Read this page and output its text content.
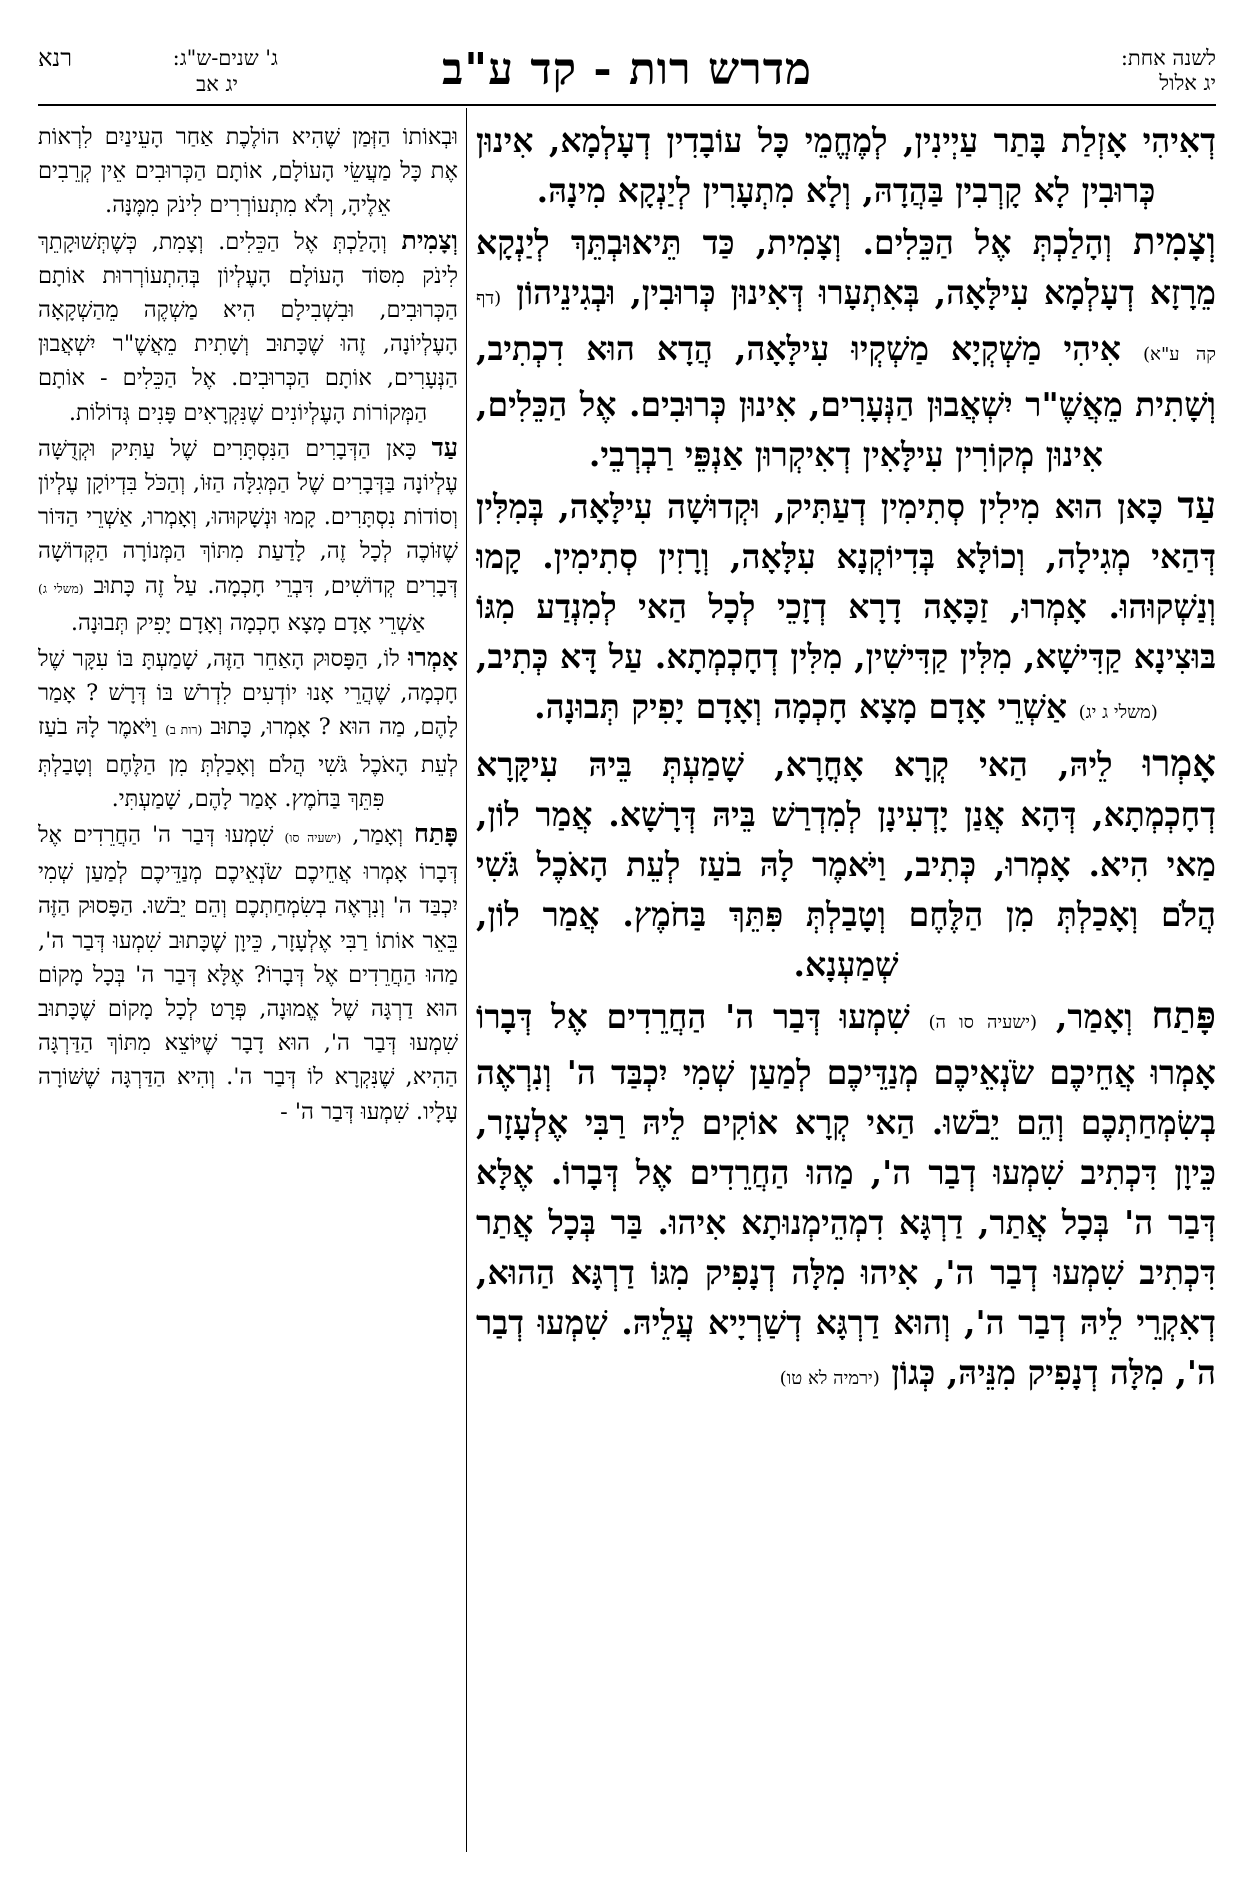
לשנה אחת:
יג אלול
מדרש רות - קד ע"ב
רנא	ג' שנים-ש"ג:
יג אב

דְאִיהִי אָזְלַת בָּתַר עַיְינִין, לְמֶחֱמֵי כָּל עוֹבָדִין דְעָלְמָא, אִינוּן כְּרוּבִין לָא קָרְבִין בַּהֲדָהּ, וְלָא מִתְעָרִין לְיַנְקָא מִינָהּ.

וְצָמִית וְהָלַכְתְּ אֶל הַכֵּלִים. וְצָמִית, כַּד תֵּיאוּבְתֵּךְ לְיַנְקָא מֵרָזָא דְעָלְמָא עִילָּאָה, בְּאִתְעָרוּ דְּאִינוּן כְּרוּבִין, וּבְגִינֵיהוֹן (דף קה ע"א) אִיהִי מַשְׁקְיָא מַשְׁקְיוּ עִילָּאָה, הֲדָא הוּא דִכְתִיב, וְשָׁתִית מֵאֲשֶׁ"ר יִשְׁאֲבוּן הַנְּעָרִים, אִינוּן כְּרוּבִים. אֶל הַכֵּלִים, אִינוּן מְקוֹרִין עִילָּאִין דְאִיקְרוּן אַנְפֵּי רַבְרְבֵי.

עַד כָּאן הוּא מִילִין סְתִימִין דְעַתִּיק, וּקְדוּשָׁה עִילָּאָה, בְּמִלִּין דְּהַאי מְגִילָה, וְכוֹלָּא בְּדִיוֹקְנָא עִלָּאָה, וְרָזִין סְתִימִין. קָמוּ וְנַשְׁקוּהוּ. אָמְרוּ, זַכָּאָה דָרָא דְזָכֵי לְכָל הַאי לְמִנְדַע מִגּוֹ בּוּצִינָא קַדִּישָׁא, מִלִּין קַדִּישִׁין, מִלִּין דְחָכְמְתָא. עַל דָּא כְּתִיב, (משלי ג יג) אַשְׁרֵי אָדָם מָצָא חָכְמָה וְאָדָם יָפִיק תְּבוּנָה.

אָמְרוּ לֵיהּ, הַאי קְרָא אָחֳרָא, שָׁמַעְתְּ בֵּיהּ עִיקָּרָא דְחָכְמְתָא, דְּהָא אֲנַן יָדְעִינָן לְמִדְרַשׁ בֵּיהּ דְּרָשָׁא. אֲמַר לוֹן, מַאי הִיא. אָמְרוּ, כְּתִיב, וַיֹּאמֶר לָהּ בֹעַז לְעֵת הָאֹכֶל גֹּשִׁי הֲלֹם וְאָכַלְתְּ מִן הַלֶּחֶם וְטָבַלְתְּ פִּתֵּךְ בַּחֹמֶץ. אֲמַר לוֹן, שְׁמַעְנָא.

פָּתַח וְאָמַר, (ישעיה סו ה) שִׁמְעוּ דְּבַר ה' הַחֲרֵדִים אֶל דְּבָרוֹ אָמְרוּ אֲחֵיכֶם שֹׂנְאֵיכֶם מְנַדֵּיכֶם לְמַעַן שְׁמִי יִכְבַּד ה' וְנִרְאֶה בְשִׂמְחַתְכֶם וְהֵם יֵבֹשׁוּ. הַאי קְרָא אוֹקִים לֵיהּ רַבִּי אֶלְעָזָר, כֵּיוָן דִּכְתִיב שִׁמְעוּ דְבַר ה', מַהוּ הַחֲרֵדִים אֶל דְּבָרוֹ. אֶלָּא דְּבַר ה' בְּכָל אֲתַר, דַרְגָּא דִמְהֵימְנוּתָא אִיהוּ. בַּר בְּכָל אֲתַר דִּכְתִיב שִׁמְעוּ דְבַר ה', אִיהוּ מִלָּה דְנָפִיק מִגּוֹ דַרְגָּא הַהוּא, דְאִקְרֵי לֵיהּ דְבַר ה', וְהוּא דַרְגָּא דְשַׁרְיָיא עֲלֵיהּ. שִׁמְעוּ דְבַר ה', מִלָּה דְנָפִיק מִנֵּיהּ, כְּגוֹן (ירמיה לא טו)

וּבְאוֹתוֹ הַזְּמַן שֶׁהִיא הוֹלֶכֶת אַחַר הָעֵינַיִם לִרְאוֹת אֶת כָּל מַעֲשֵׂי הָעוֹלָם, אוֹתָם הַכְּרוּבִים אֵין קְרֵבִים אֵלֶיהָ, וְלֹא מִתְעוֹרְרִים לִינֹק מִמֶּנָּה.

וְצָמִית וְהָלַכְתְּ אֶל הַכֵּלִים. וְצָמִת, כְּשֶׁתְּשׁוּקָתֵךְ לִינֹק מִסּוֹד הָעוֹלָם הָעֶלְיוֹן בְּהִתְעוֹרְרוּת אוֹתָם הַכְּרוּבִים, וּבִשְׁבִילָם הִיא מַשְׁקֶה מֵהַשְׁקָאָה הָעֶלְיוֹנָה, זֶהוּ שֶׁכָּתוּב וְשָׁתִית מֵאֲשֶׁ"ר יִשְׁאֲבוּן הַנְּעָרִים, אוֹתָם הַכְּרוּבִים. אֶל הַכֵּלִים - אוֹתָם הַמְּקוֹרוֹת הָעֶלְיוֹנִים שֶׁנִּקְרָאִים פָּנִים גְּדוֹלוֹת.

עַד כָּאן הַדְּבָרִים הַנִּסְתָּרִים שֶׁל עַתִּיק וּקְדֻשָּׁה עֶלְיוֹנָה בַּדְּבָרִים שֶׁל הַמְּגִלָּה הַזּוֹ, וְהַכֹּל בִּדְיוֹקָן עֶלְיוֹן וְסוֹדוֹת נִסְתָּרִים. קָמוּ וּנְשָׁקוּהוּ, וְאָמְרוּ, אַשְׁרֵי הַדּוֹר שֶׁזּוֹכֶה לְכָל זֶה, לָדַעַת מִתּוֹךְ הַמְּנוֹרָה הַקְּדוֹשָׁה דְּבָרִים קְדוֹשִׁים, דִּבְרֵי חָכְמָה. עַל זֶה כָּתוּב (משלי ג) אַשְׁרֵי אָדָם מָצָא חָכְמָה וְאָדָם יָפִיק תְּבוּנָה.

אָמְרוּ לוֹ, הַפָּסוּק הָאַחֵר הַזֶּה, שָׁמַעְתָּ בּוֹ עִקָּר שֶׁל חָכְמָה, שֶׁהֲרֵי אָנוּ יוֹדְעִים לִדְרֹשׁ בּוֹ דְּרָשׁ ? אָמַר לָהֶם, מַה הוּא ? אָמְרוּ, כָּתוּב (רות ב) וַיֹּאמֶר לָהּ בֹעַז לְעֵת הָאֹכֶל גֹּשִׁי הֲלֹם וְאָכַלְתְּ מִן הַלֶּחֶם וְטָבַלְתְּ פִּתֵּךְ בַּחֹמֶץ. אָמַר לָהֶם, שָׁמַעְתִּי.

פָּתַח וְאָמַר, (ישעיה סו) שִׁמְעוּ דְּבַר ה' הַחֲרֵדִים אֶל דְּבָרוֹ אָמְרוּ אֲחֵיכֶם שֹׂנְאֵיכֶם מְנַדֵּיכֶם לְמַעַן שְׁמִי יִכְבַּד ה' וְנִרְאֶה בְשִׂמְחַתְכֶם וְהֵם יֵבֹשׁוּ. הַפָּסוּק הַזֶּה בֵּאֵר אוֹתוֹ רַבִּי אֶלְעָזָר, כֵּיוָן שֶׁכָּתוּב שִׁמְעוּ דְּבַר ה', מַהוּ הַחֲרֵדִים אֶל דְּבָרוֹ? אֶלָּא דְּבַר ה' בְּכָל מָקוֹם הוּא דַרְגָּה שֶׁל אֱמוּנָה, פְּרָט לְכָל מָקוֹם שֶׁכָּתוּב שִׁמְעוּ דְּבַר ה', הוּא דָבָר שֶׁיּוֹצֵא מִתּוֹךְ הַדַּרְגָּה הַהִיא, שֶׁנִּקְרָא לוֹ דְּבַר ה'. וְהִיא הַדַּרְגָּה שֶׁשּׁוֹרָה עָלָיו. שִׁמְעוּ דְּבַר ה' -
